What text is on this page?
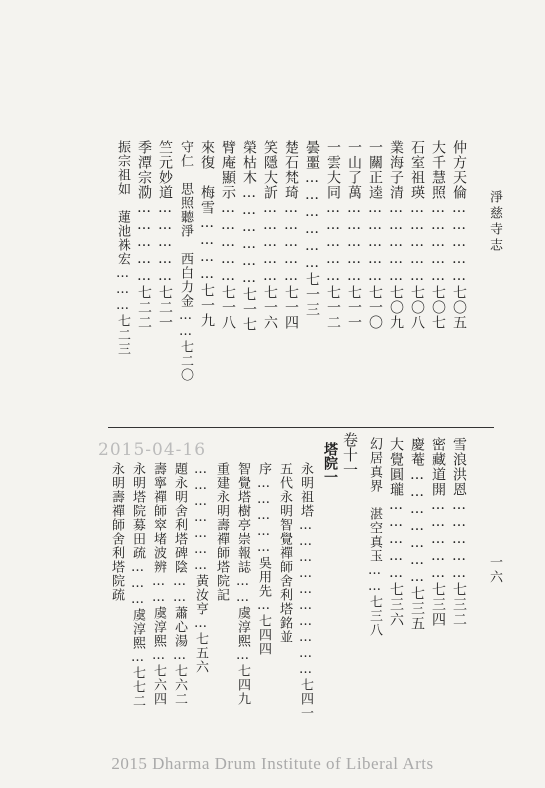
淨慈寺志
仲方天倫……………七〇五
大千慧照……………七〇七
石室祖瑛……………七〇八
業海子清……………七〇九
一關正逵……………七一〇
一山了萬……………七一一
一雲大同……………七一二
曇噩………………七一三
楚石梵琦……………七一四
笑隱大訢……………七一六
榮枯木………………七一七
臂庵顯示……………七一八
來復　梅雪…………七一九
守仁　思照聽淨　西白力金……七二〇
竺元妙道……………七二一
季潭宗泐……………七二二
振宗祖如　蓮池袾宏………七二三
雪浪洪恩……………七三二
密藏道開……………七三四
慶菴…………………七三五
大覺圓瓏……………七三六
幻居真界　湛空真玉……七三八
卷十一
塔院一
永明祖塔…………………………七四一
五代永明智覺禪師舍利塔銘並
序……………吳用先…七四四
智覺塔樹亭崇報誌……虞淳熙…七四九
重建永明壽禪師塔院記
…………………黃汝亨…七五六
題永明舍利塔碑陰……蕭心湯…七六二
壽寧禪師窣堵波辨……虞淳熙…七六四
永明塔院募田疏………虞淳熙…七七二
永明壽禪師舍利塔院疏	一六
2015-04-16
2015 Dharma Drum Institute of Liberal Arts
